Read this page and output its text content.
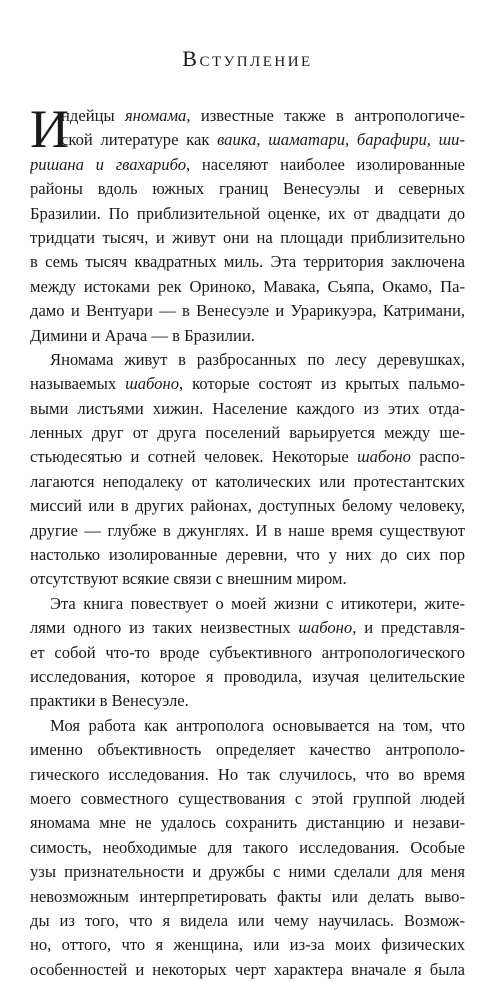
Вступление
И
ндейцы яномама, известные также в антропологиче-
ской литературе как ваика, шаматари, барафири, ши-
ришана и гвахарибо, населяют наиболее изолированные
районы вдоль южных границ Венесуэлы и северных
Бразилии. По приблизительной оценке, их от двадцати до
тридцати тысяч, и живут они на площади приблизительно
в семь тысяч квадратных миль. Эта территория заключена
между истоками рек Ориноко, Мавака, Сьяпа, Окамо, Па-
дамо и Вентуари — в Венесуэле и Урарикуэра, Катримани,
Димини и Арача — в Бразилии.
Яномама живут в разбросанных по лесу деревушках,
называемых шабоно, которые состоят из крытых пальмо-
выми листьями хижин. Население каждого из этих отда-
ленных друг от друга поселений варьируется между ше-
стьюдесятью и сотней человек. Некоторые шабоно распо-
лагаются неподалеку от католических или протестантских
миссий или в других районах, доступных белому человеку,
другие — глубже в джунглях. И в наше время существуют
настолько изолированные деревни, что у них до сих пор
отсутствуют всякие связи с внешним миром.
Эта книга повествует о моей жизни с итикотери, жите-
лями одного из таких неизвестных шабоно, и представля-
ет собой что-то вроде субъективного антропологического
исследования, которое я проводила, изучая целительские
практики в Венесуэле.
Моя работа как антрополога основывается на том, что
именно объективность определяет качество антрополо-
гического исследования. Но так случилось, что во время
моего совместного существования с этой группой людей
яномама мне не удалось сохранить дистанцию и незави-
симость, необходимые для такого исследования. Особые
узы признательности и дружбы с ними сделали для меня
невозможным интерпретировать факты или делать выво-
ды из того, что я видела или чему научилась. Возмож-
но, оттого, что я женщина, или из-за моих физических
особенностей и некоторых черт характера вначале я была
